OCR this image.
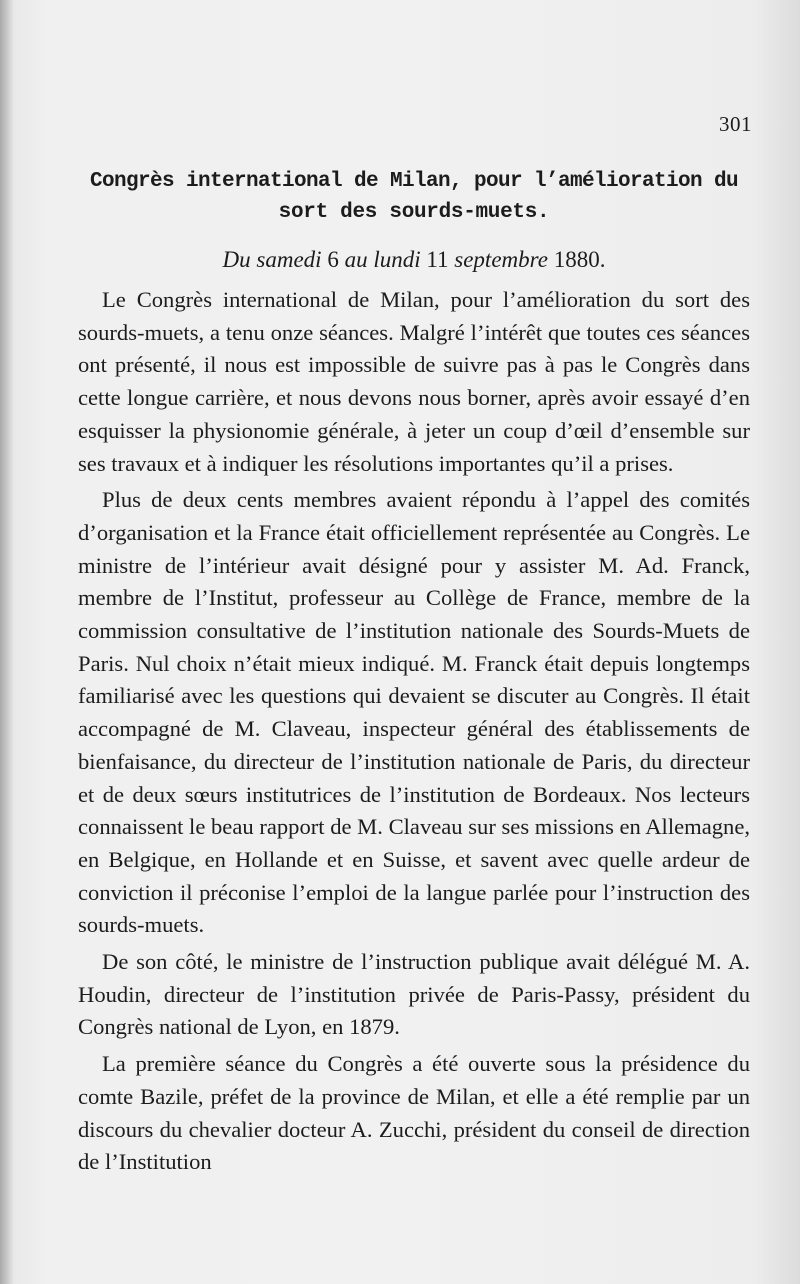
301
Congrès international de Milan, pour l’amélioration du
sort des sourds-muets.
Du samedi 6 au lundi 11 septembre 1880.

Le Congrès international de Milan, pour l’amélioration du sort des sourds-muets, a tenu onze séances. Malgré l’intérêt que toutes ces séances ont présenté, il nous est impossible de suivre pas à pas le Congrès dans cette longue carrière, et nous devons nous borner, après avoir essayé d’en esquisser la physionomie générale, à jeter un coup d’œil d’ensemble sur ses travaux et à indiquer les résolutions importantes qu’il a prises.

Plus de deux cents membres avaient répondu à l’appel des comités d’organisation et la France était officiellement représentée au Congrès. Le ministre de l’intérieur avait désigné pour y assister M. Ad. Franck, membre de l’Institut, professeur au Collège de France, membre de la commission consultative de l’institution nationale des Sourds-Muets de Paris. Nul choix n’était mieux indiqué. M. Franck était depuis longtemps familiarisé avec les questions qui devaient se discuter au Congrès. Il était accompagné de M. Claveau, inspecteur général des établissements de bienfaisance, du directeur de l’institution nationale de Paris, du directeur et de deux sœurs institutrices de l’institution de Bordeaux. Nos lecteurs connaissent le beau rapport de M. Claveau sur ses missions en Allemagne, en Belgique, en Hollande et en Suisse, et savent avec quelle ardeur de conviction il préconise l’emploi de la langue parlée pour l’instruction des sourds-muets.

De son côté, le ministre de l’instruction publique avait délégué M. A. Houdin, directeur de l’institution privée de Paris-Passy, président du Congrès national de Lyon, en 1879.

La première séance du Congrès a été ouverte sous la présidence du comte Bazile, préfet de la province de Milan, et elle a été remplie par un discours du chevalier docteur A. Zucchi, président du conseil de direction de l’Institution
